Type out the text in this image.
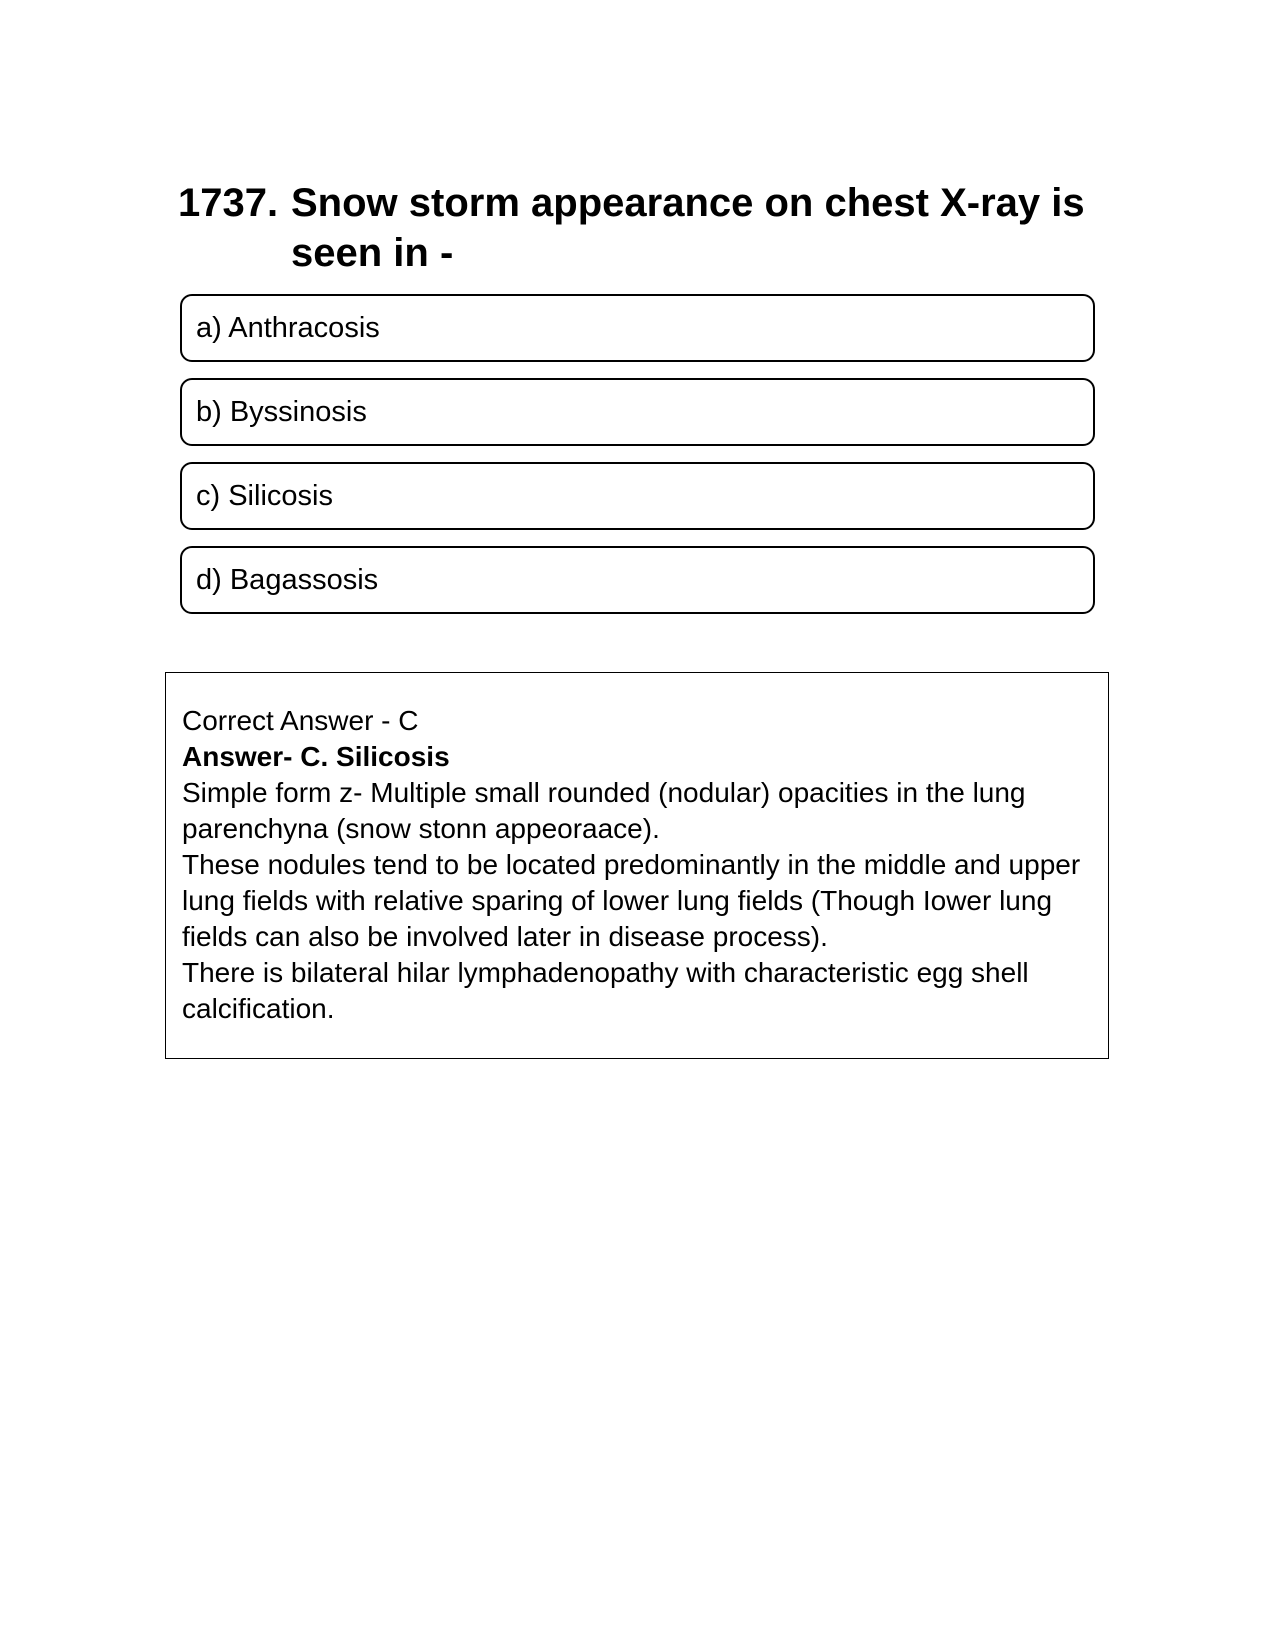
1737. Snow storm appearance on chest X-ray is seen in -
a) Anthracosis
b) Byssinosis
c) Silicosis
d) Bagassosis

Correct Answer - C

Answer- C. Silicosis

Simple form z- Multiple small rounded (nodular) opacities in the lung parenchyna (snow stonn appeoraace).

These nodules tend to be located predominantly in the middle and upper lung fields with relative sparing of lower lung fields (Though Iower lung fields can also be involved later in disease process).

There is bilateral hilar lymphadenopathy with characteristic egg shell calcification.
